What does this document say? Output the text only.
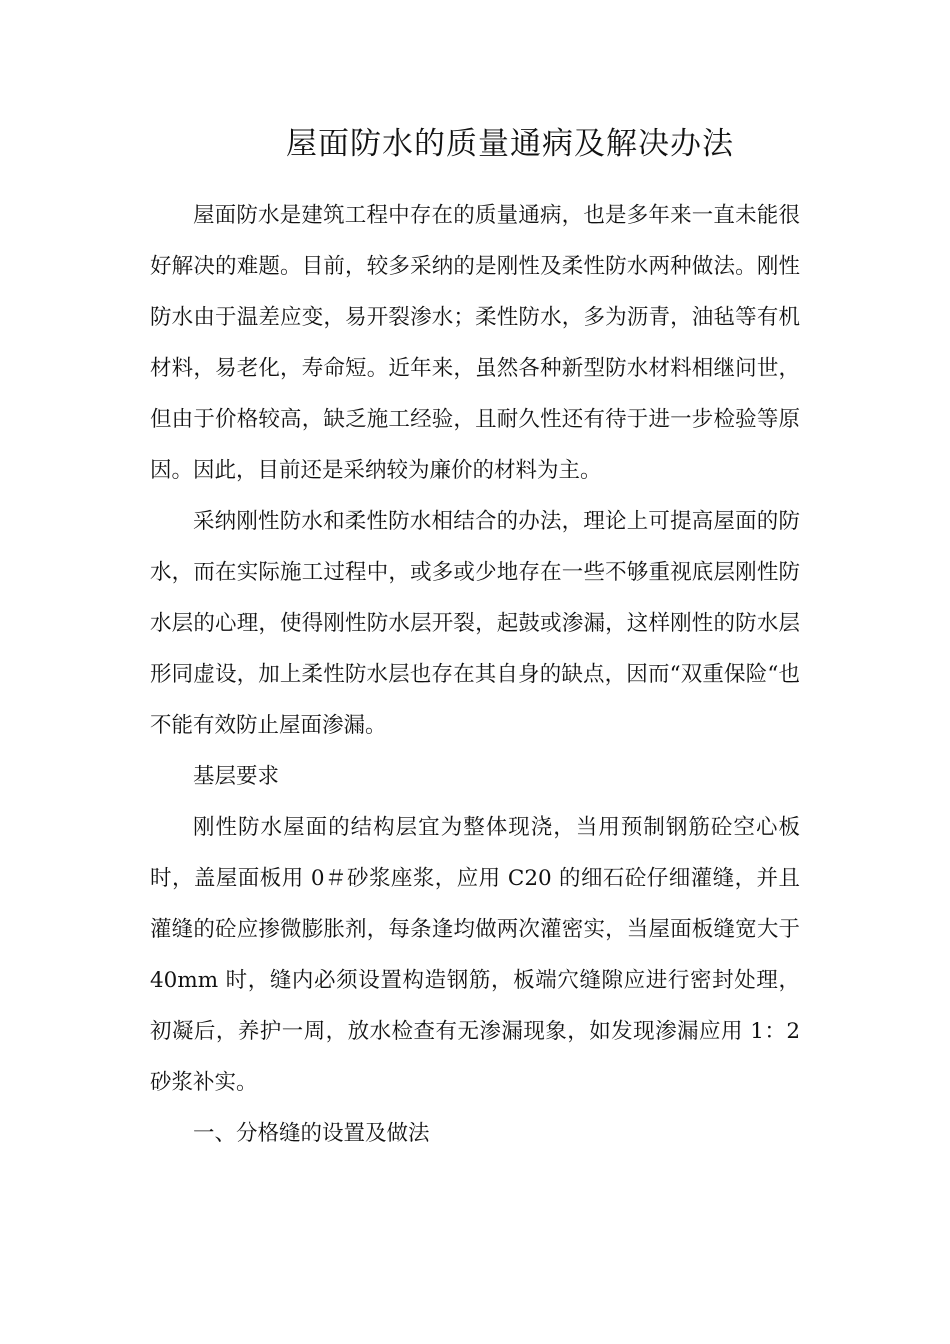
屋面防水的质量通病及解决办法

屋面防水是建筑工程中存在的质量通病，也是多年来一直未能很好解决的难题。目前，较多采纳的是刚性及柔性防水两种做法。刚性防水由于温差应变，易开裂渗水；柔性防水，多为沥青，油毡等有机材料，易老化，寿命短。近年来，虽然各种新型防水材料相继问世，但由于价格较高，缺乏施工经验，且耐久性还有待于进一步检验等原因。因此，目前还是采纳较为廉价的材料为主。

采纳刚性防水和柔性防水相结合的办法，理论上可提高屋面的防水，而在实际施工过程中，或多或少地存在一些不够重视底层刚性防水层的心理，使得刚性防水层开裂，起鼓或渗漏，这样刚性的防水层形同虚设，加上柔性防水层也存在其自身的缺点，因而“双重保险“也不能有效防止屋面渗漏。

基层要求

刚性防水屋面的结构层宜为整体现浇，当用预制钢筋砼空心板时，盖屋面板用 0＃砂浆座浆，应用 C20 的细石砼仔细灌缝，并且灌缝的砼应掺微膨胀剂，每条逢均做两次灌密实，当屋面板缝宽大于 40mm 时，缝内必须设置构造钢筋，板端穴缝隙应进行密封处理，初凝后，养护一周，放水检查有无渗漏现象，如发现渗漏应用 1：2 砂浆补实。

一、分格缝的设置及做法
